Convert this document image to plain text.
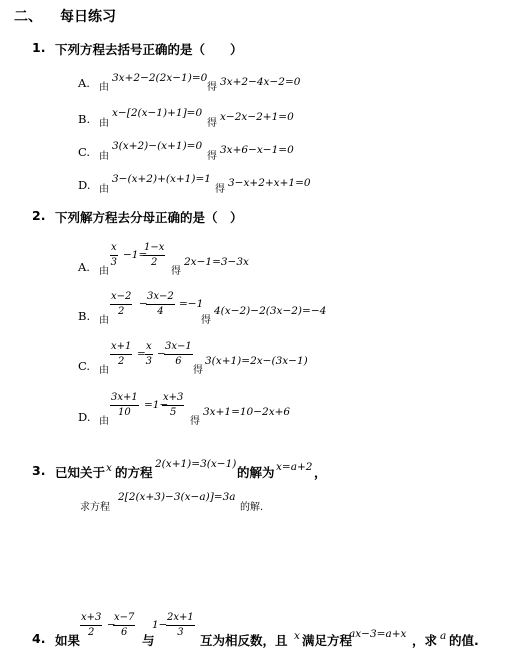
二、 每日练习
1. 下列方程去括号正确的是（　　）
A. 由
3x+2−2(2x−1)=0
得 3x+2−4x−2=0
B. 由
x−[2(x−1)+1]=0
得
x−2x−2+1=0
C. 由
3(x+2)−(x+1)=0
得
3x+6−x−1=0
D. 由
3−(x+2)+(x+1)=1
得
3−x+2+x+1=0
2. 下列解方程去分母正确的是（　）
A. 由
$\frac{x}{3} -1=$
$\frac{1-x}{2}$
得
2x−1=3−3x
B. 由
$\frac{x-2}{2}$ −
$\frac{3x-2}{4} =-1$
得
4(x−2)−2(3x−2)=−4
C. 由
$\frac{x+1}{2} = \frac{x}{3}$ −
$\frac{3x-1}{6}$
得
3(x+1)=2x−(3x−1)
D. 由
$\frac{3x+1}{10} =1-$
$\frac{x+3}{5}$
得
3x+1=10−2x+6
3. 已知关于 x 的方程
2(x+1)=3(x−1)
的解为 x=a+2 ，
求方程
2[2(x+3)−3(x−a)]=3a
的解.
4. 如果
$\frac{x+3}{2}$ −
$\frac{x-7}{6}$
与
1−
$\frac{2x+1}{3}$
互为相反数，且 x 满足方程
ax−3=a+x ，求 a 的值.
